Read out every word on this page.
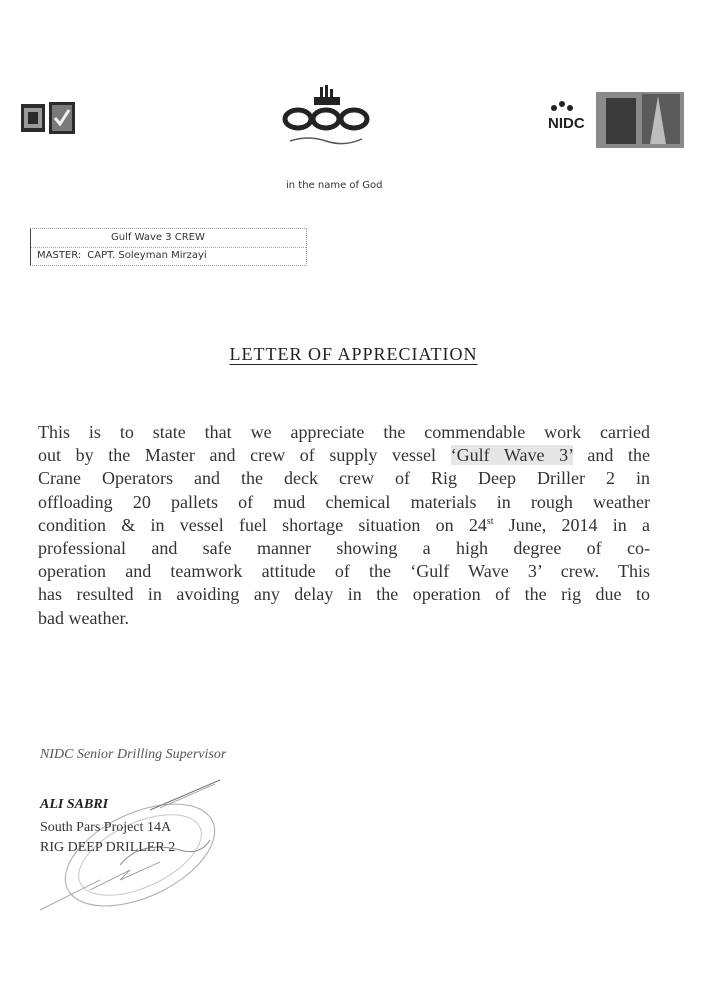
NIDC
in the name of God
Gulf Wave 3 CREW
MASTER: CAPT. Soleyman Mirzayi
LETTER OF APPRECIATION
This is to state that we appreciate the commendable work carried
out by the Master and crew of supply vessel ‘Gulf Wave 3’ and the
Crane Operators and the deck crew of Rig Deep Driller 2 in
offloading 20 pallets of mud chemical materials in rough weather
condition & in vessel fuel shortage situation on 24st June, 2014 in a
professional and safe manner showing a high degree of co-
operation and teamwork attitude of the ‘Gulf Wave 3’ crew. This
has resulted in avoiding any delay in the operation of the rig due to
bad weather.
NIDC Senior Drilling Supervisor
ALI SABRI
South Pars Project 14A
RIG DEEP DRILLER 2
